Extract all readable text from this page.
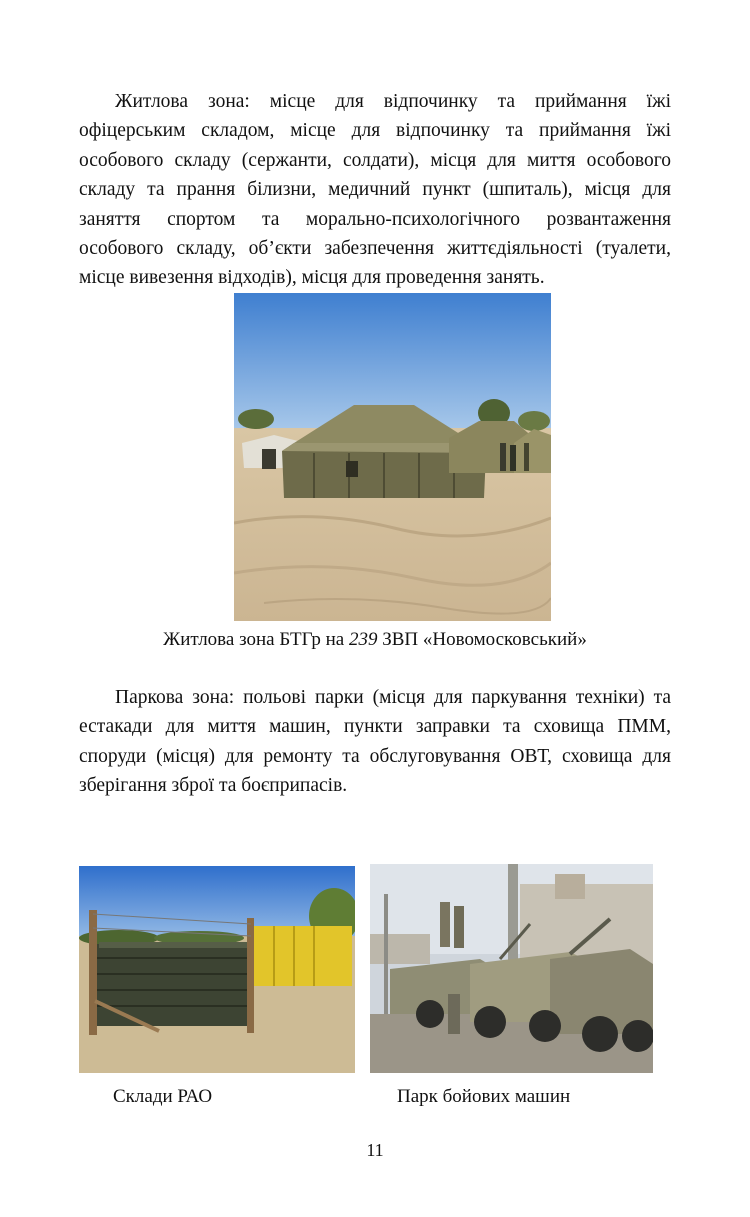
Житлова зона: місце для відпочинку та приймання їжі офіцерським складом, місце для відпочинку та приймання їжі особового складу (сержанти, солдати), місця для миття особового складу та прання білизни, медичний пункт (шпиталь), місця для заняття спортом та морально-психологічного розвантаження особового складу, об’єкти забезпечення життєдіяльності (туалети, місце вивезення відходів), місця для проведення занять.

Житлова зона БТГр на 239 ЗВП «Новомосковський»

Паркова зона: польові парки (місця для паркування техніки) та естакади для миття машин, пункти заправки та сховища ПММ, споруди (місця) для ремонту та обслуговування ОВТ, сховища для зберігання зброї та боєприпасів.

Склади РАО	Парк бойових машин
11
